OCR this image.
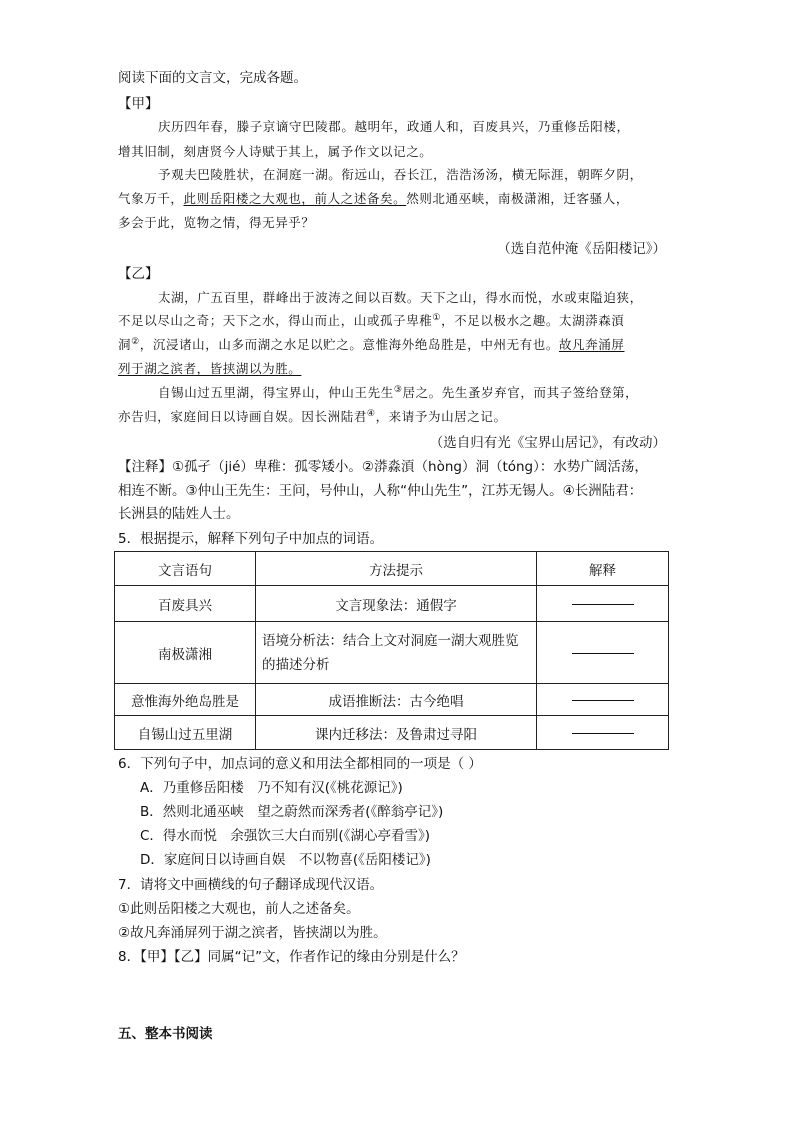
阅读下面的文言文，完成各题。
【甲】
庆历四年春，滕子京谪守巴陵郡。越明年，政通人和，百废具兴，乃重修岳阳楼，
增其旧制，刻唐贤今人诗赋于其上，属予作文以记之。
予观夫巴陵胜状，在洞庭一湖。衔远山，吞长江，浩浩汤汤，横无际涯，朝晖夕阴，
气象万千，此则岳阳楼之大观也，前人之述备矣。然则北通巫峡，南极潇湘，迁客骚人，
多会于此，览物之情，得无异乎？
（选自范仲淹《岳阳楼记》）
【乙】
太湖，广五百里，群峰出于波涛之间以百数。天下之山，得水而悦，水或束隘迫狭，
不足以尽山之奇；天下之水，得山而止，山或孤子卑稚①，不足以极水之趣。太湖漭森湏
洞②，沉浸诸山，山多而湖之水足以贮之。意惟海外绝岛胜是，中州无有也。故凡奔涌屏
列于湖之滨者，皆挟湖以为胜。
自锡山过五里湖，得宝界山，仲山王先生③居之。先生蚤岁弃官，而其子签给登第，
亦告归，家庭间日以诗画自娱。因长洲陆君④，来请予为山居之记。
（选自归有光《宝界山居记》，有改动）
【注释】①孤孑（jié）卑稚：孤零矮小。②漭淼湏（hòng）洞（tóng）：水势广阔活荡，
相连不断。③仲山王先生：王问，号仲山，人称“仲山先生”，江苏无锡人。④长洲陆君：
长洲县的陆姓人士。
5．根据提示，解释下列句子中加点的词语。
文言语句	方法提示	解释
百废具兴	文言现象法：通假字	
南极潇湘	语境分析法：结合上文对洞庭一湖大观胜览的描述分析	
意惟海外绝岛胜是	成语推断法：古今绝唱	
自锡山过五里湖	课内迁移法：及鲁肃过寻阳	
6．下列句子中，加点词的意义和用法全都相同的一项是（ ）
A．乃重修岳阳楼　乃不知有汉(《桃花源记》)
B．然则北通巫峡　望之蔚然而深秀者(《醉翁亭记》)
C．得水而悦　余强饮三大白而别(《湖心亭看雪》)
D．家庭间日以诗画自娱　不以物喜(《岳阳楼记》)
7．请将文中画横线的句子翻译成现代汉语。
①此则岳阳楼之大观也，前人之述备矣。
②故凡奔涌屏列于湖之滨者，皆挟湖以为胜。
8．【甲】【乙】同属“记”文，作者作记的缘由分别是什么？
五、整本书阅读
